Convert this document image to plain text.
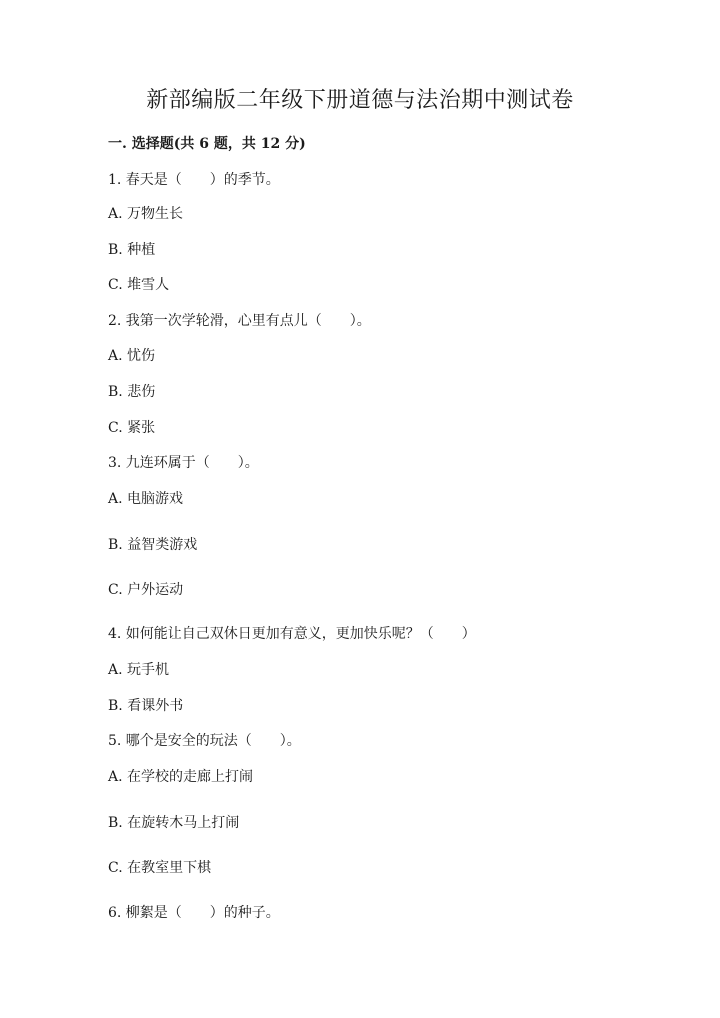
新部编版二年级下册道德与法治期中测试卷
一. 选择题(共 6 题，共 12 分)
1. 春天是（　　）的季节。
A. 万物生长
B. 种植
C. 堆雪人
2. 我第一次学轮滑，心里有点儿（　　）。
A. 忧伤
B. 悲伤
C. 紧张
3. 九连环属于（　　）。
A. 电脑游戏
B. 益智类游戏
C. 户外运动
4. 如何能让自己双休日更加有意义，更加快乐呢？（　　）
A. 玩手机
B. 看课外书
5. 哪个是安全的玩法（　　）。
A. 在学校的走廊上打闹
B. 在旋转木马上打闹
C. 在教室里下棋
6. 柳絮是（　　）的种子。
